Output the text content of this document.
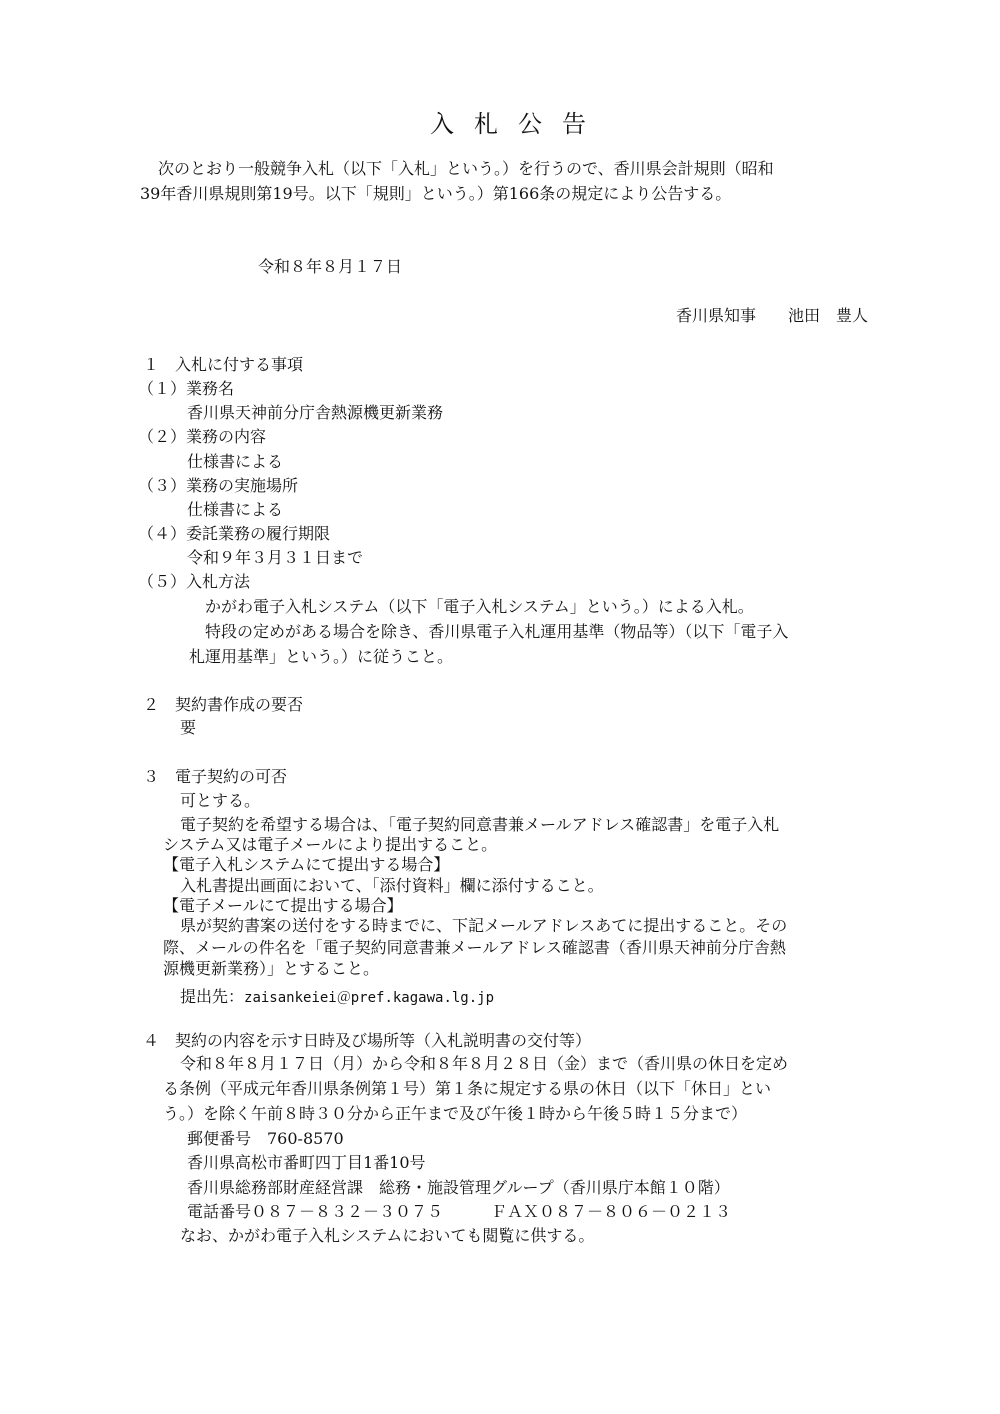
入 札 公 告
次のとおり一般競争入札（以下「入札」という。）を行うので、香川県会計規則（昭和
39年香川県規則第19号。以下「規則」という。）第166条の規定により公告する。
令和８年８月１７日
香川県知事　　池田　豊人
１　入札に付する事項
（１）業務名
香川県天神前分庁舎熱源機更新業務
（２）業務の内容
仕様書による
（３）業務の実施場所
仕様書による
（４）委託業務の履行期限
令和９年３月３１日まで
（５）入札方法
かがわ電子入札システム（以下「電子入札システム」という。）による入札。
特段の定めがある場合を除き、香川県電子入札運用基準（物品等）（以下「電子入
札運用基準」という。）に従うこと。
２　契約書作成の要否
要
３　電子契約の可否
可とする。
電子契約を希望する場合は、「電子契約同意書兼メールアドレス確認書」を電子入札
システム又は電子メールにより提出すること。
【電子入札システムにて提出する場合】
入札書提出画面において、「添付資料」欄に添付すること。
【電子メールにて提出する場合】
県が契約書案の送付をする時までに、下記メールアドレスあてに提出すること。その
際、メールの件名を「電子契約同意書兼メールアドレス確認書（香川県天神前分庁舎熱
源機更新業務）」とすること。
提出先：zaisankeiei＠pref.kagawa.lg.jp
４　契約の内容を示す日時及び場所等（入札説明書の交付等）
令和８年８月１７日（月）から令和８年８月２８日（金）まで（香川県の休日を定め
る条例（平成元年香川県条例第１号）第１条に規定する県の休日（以下「休日」とい
う。）を除く午前８時３０分から正午まで及び午後１時から午後５時１５分まで）
郵便番号　760-8570
香川県高松市番町四丁目1番10号
香川県総務部財産経営課　総務・施設管理グループ（香川県庁本館１０階）
電話番号０８７－８３２－３０７５　　　ＦＡＸ０８７－８０６－０２１３
なお、かがわ電子入札システムにおいても閲覧に供する。
